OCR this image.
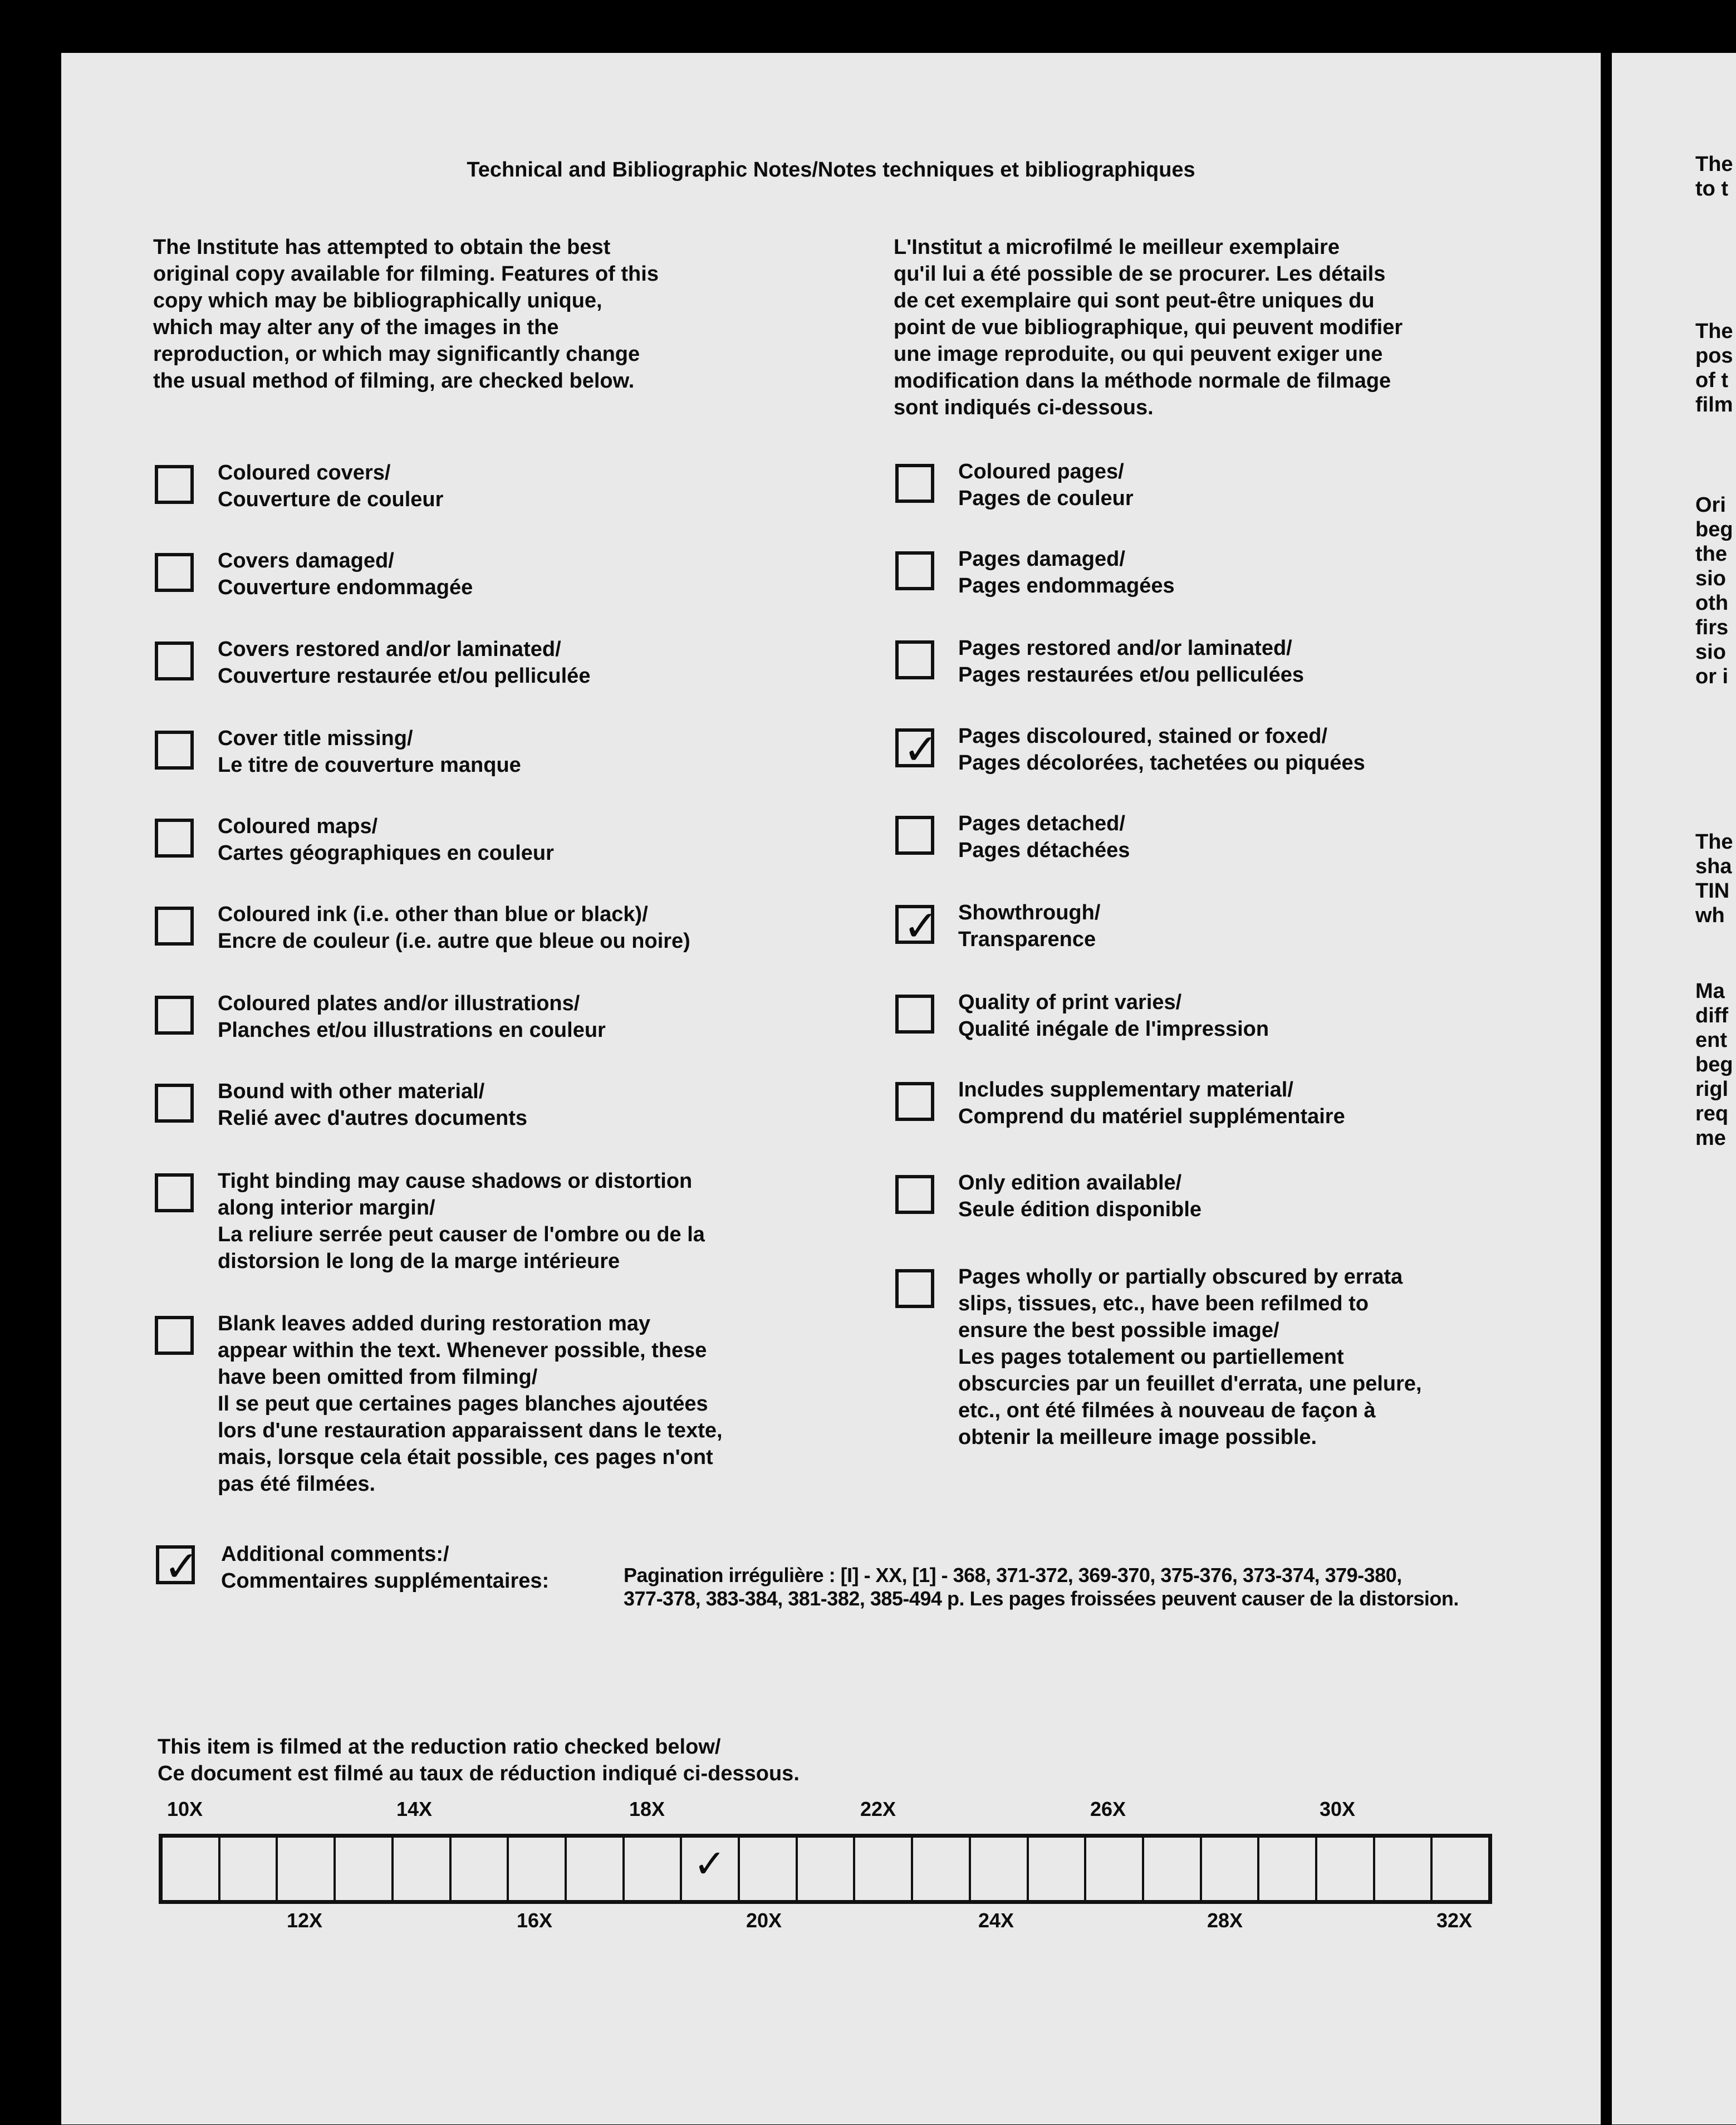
The
to t
The
pos
of t
film
Ori
beg
the
sio
oth
firs
sio
or i
The
sha
TIN
wh
Ma
diff
ent
beg
rigl
req
me
Technical and Bibliographic Notes/Notes techniques et bibliographiques
The Institute has attempted to obtain the best
original copy available for filming. Features of this
copy which may be bibliographically unique,
which may alter any of the images in the
reproduction, or which may significantly change
the usual method of filming, are checked below.
L'Institut a microfilmé le meilleur exemplaire
qu'il lui a été possible de se procurer. Les détails
de cet exemplaire qui sont peut-être uniques du
point de vue bibliographique, qui peuvent modifier
une image reproduite, ou qui peuvent exiger une
modification dans la méthode normale de filmage
sont indiqués ci-dessous.
Coloured covers/
Couverture de couleur
Covers damaged/
Couverture endommagée
Covers restored and/or laminated/
Couverture restaurée et/ou pelliculée
Cover title missing/
Le titre de couverture manque
Coloured maps/
Cartes géographiques en couleur
Coloured ink (i.e. other than blue or black)/
Encre de couleur (i.e. autre que bleue ou noire)
Coloured plates and/or illustrations/
Planches et/ou illustrations en couleur
Bound with other material/
Relié avec d'autres documents
Tight binding may cause shadows or distortion
along interior margin/
La reliure serrée peut causer de l'ombre ou de la
distorsion le long de la marge intérieure
Blank leaves added during restoration may
appear within the text. Whenever possible, these
have been omitted from filming/
Il se peut que certaines pages blanches ajoutées
lors d'une restauration apparaissent dans le texte,
mais, lorsque cela était possible, ces pages n'ont
pas été filmées.
Coloured pages/
Pages de couleur
Pages damaged/
Pages endommagées
Pages restored and/or laminated/
Pages restaurées et/ou pelliculées
✓ Pages discoloured, stained or foxed/
Pages décolorées, tachetées ou piquées
Pages detached/
Pages détachées
✓ Showthrough/
Transparence
Quality of print varies/
Qualité inégale de l'impression
Includes supplementary material/
Comprend du matériel supplémentaire
Only edition available/
Seule édition disponible
Pages wholly or partially obscured by errata
slips, tissues, etc., have been refilmed to
ensure the best possible image/
Les pages totalement ou partiellement
obscurcies par un feuillet d'errata, une pelure,
etc., ont été filmées à nouveau de façon à
obtenir la meilleure image possible.
✓ Additional comments:/
Commentaires supplémentaires:	Pagination irrégulière : [I] - XX, [1] - 368, 371-372, 369-370, 375-376, 373-374, 379-380,
377-378, 383-384, 381-382, 385-494 p. Les pages froissées peuvent causer de la distorsion.
This item is filmed at the reduction ratio checked below/
Ce document est filmé au taux de réduction indiqué ci-dessous.
10X	14X	18X	22X	26X	30X
✓
12X	16X	20X	24X	28X	32X
